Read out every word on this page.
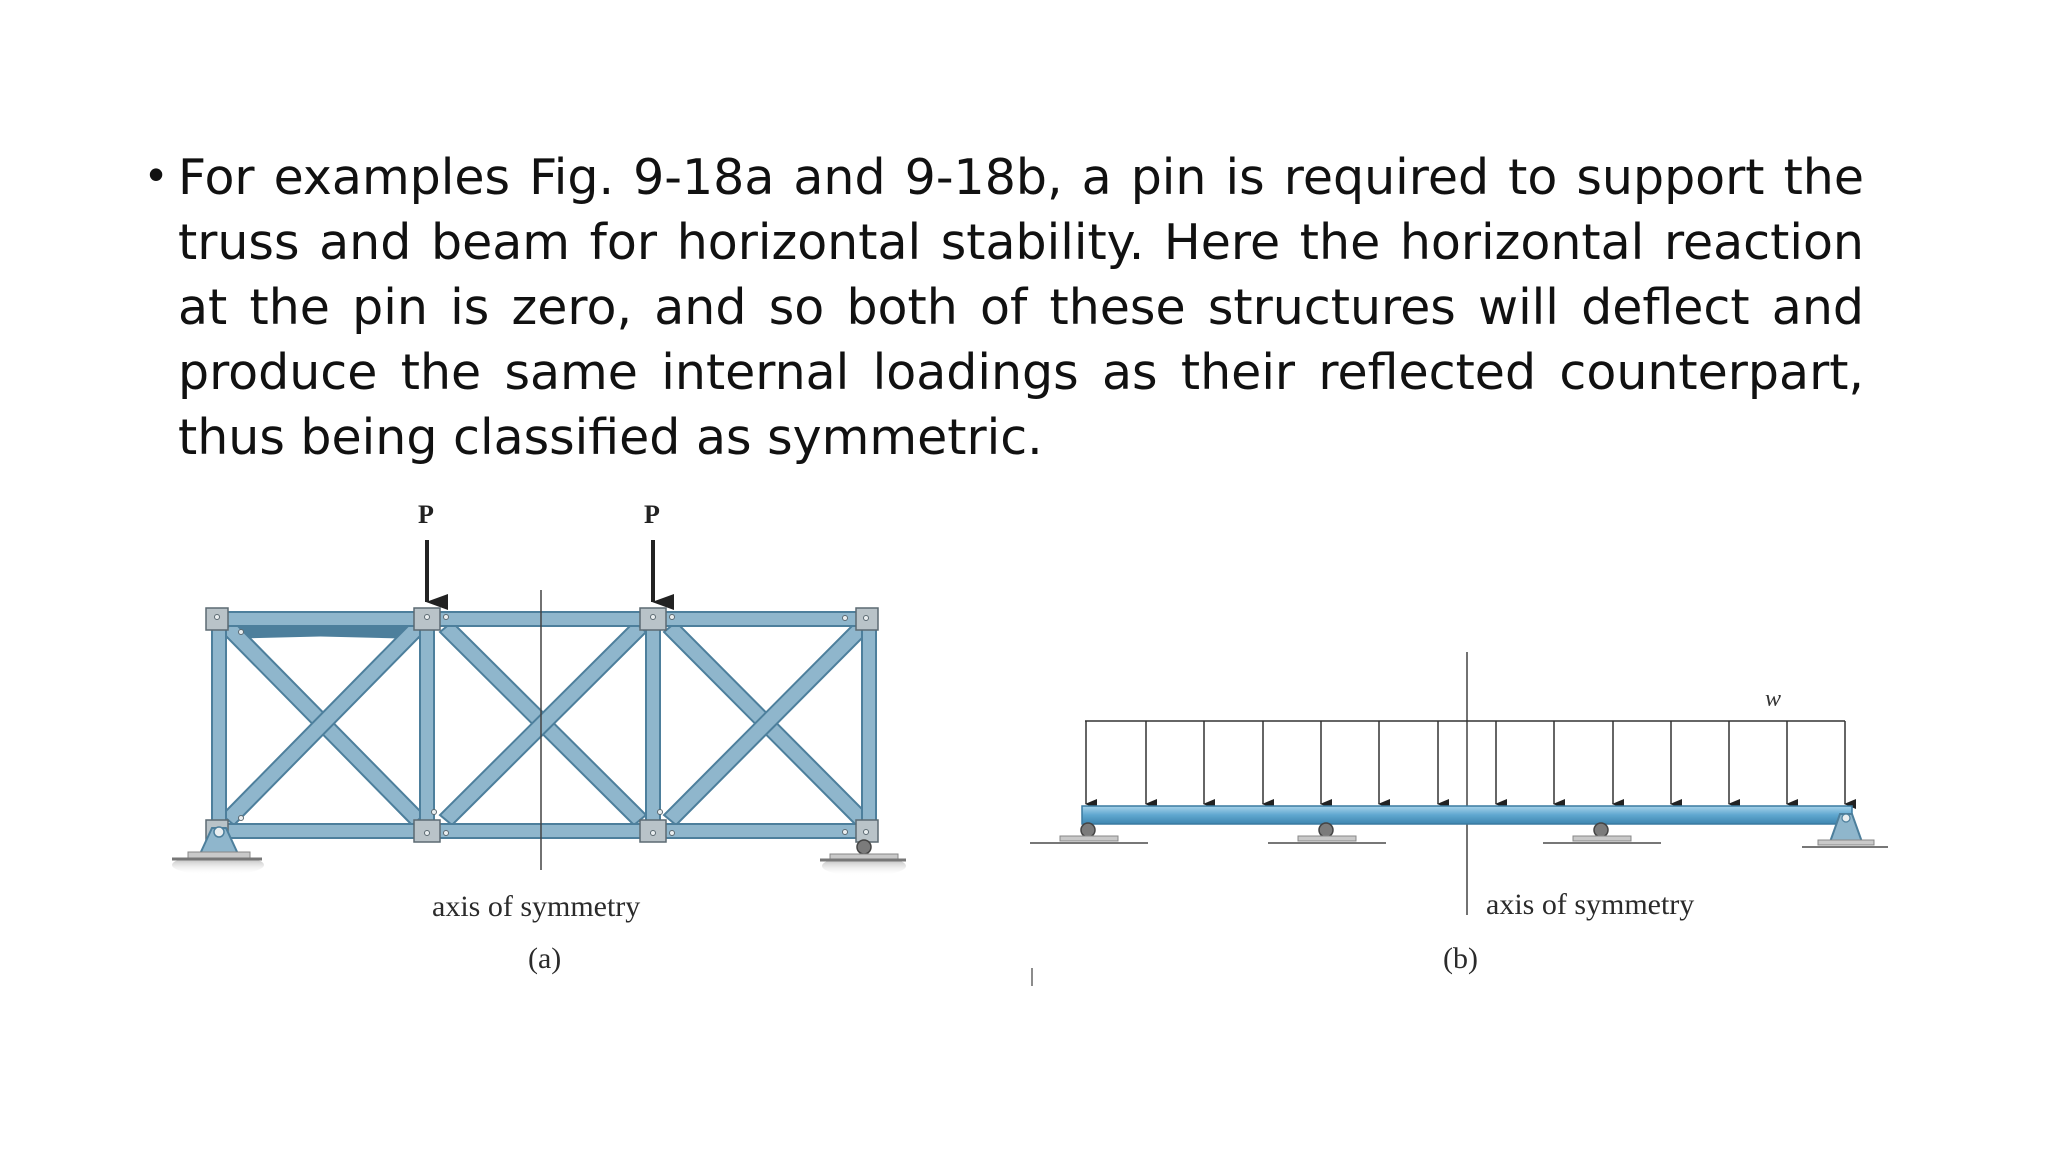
• For examples Fig. 9-18a and 9-18b, a pin is required to support the truss and beam for horizontal stability. Here the horizontal reaction at the pin is zero, and so both of these structures will deflect and produce the same internal loadings as their reflected counterpart, thus being classified as symmetric.

P	P
axis of symmetry
(a)
w
axis of symmetry
(b)
